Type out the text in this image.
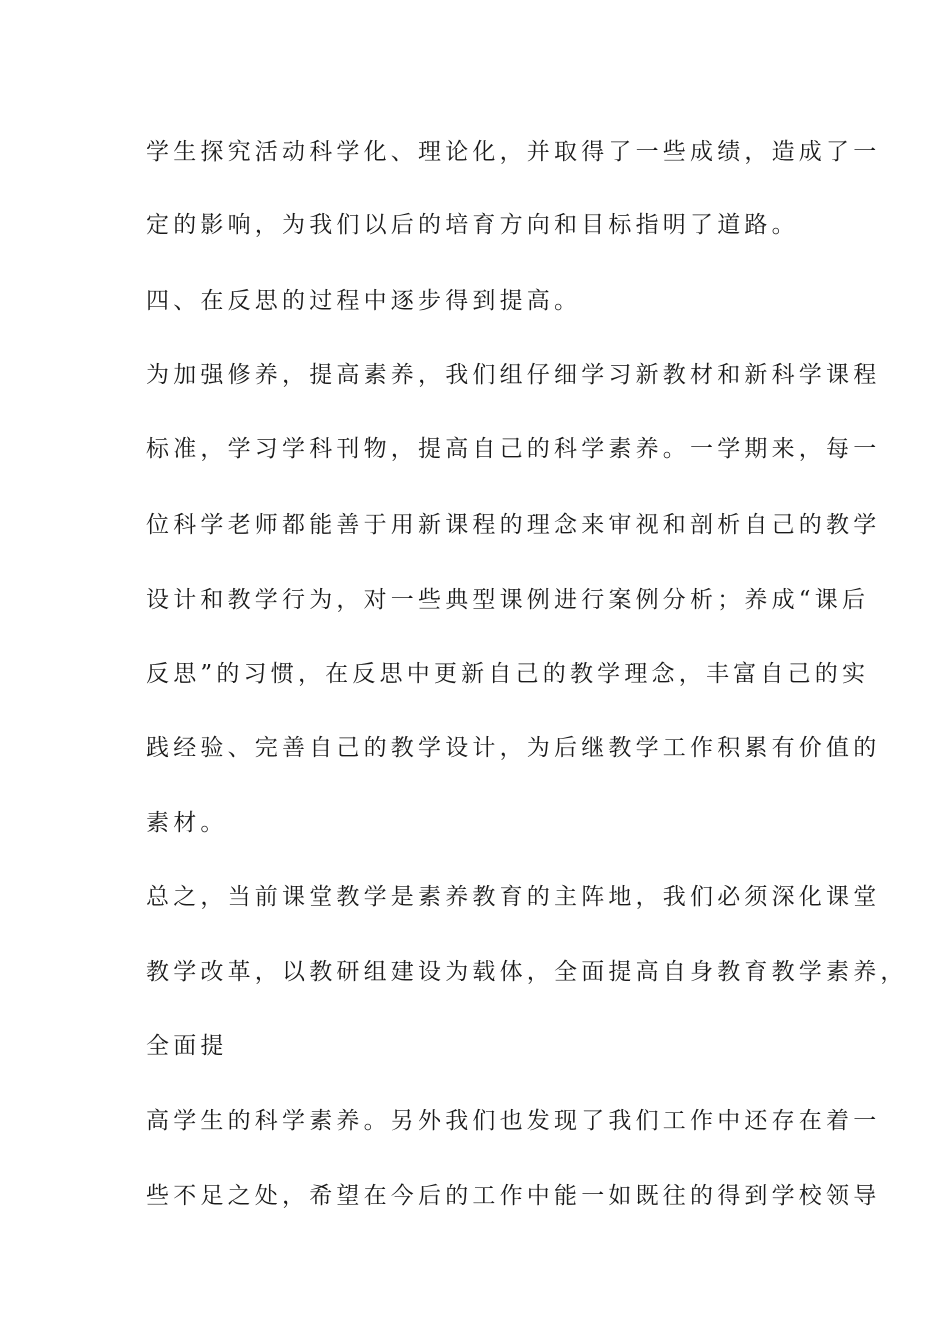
学生探究活动科学化、理论化，并取得了一些成绩，造成了一
定的影响，为我们以后的培育方向和目标指明了道路。
四、在反思的过程中逐步得到提高。
为加强修养，提高素养，我们组仔细学习新教材和新科学课程
标准，学习学科刊物，提高自己的科学素养。一学期来，每一
位科学老师都能善于用新课程的理念来审视和剖析自己的教学
设计和教学行为，对一些典型课例进行案例分析；养成“课后
反思”的习惯，在反思中更新自己的教学理念，丰富自己的实
践经验、完善自己的教学设计，为后继教学工作积累有价值的
素材。
总之，当前课堂教学是素养教育的主阵地，我们必须深化课堂
教学改革，以教研组建设为载体，全面提高自身教育教学素养，
全面提
高学生的科学素养。另外我们也发现了我们工作中还存在着一
些不足之处，希望在今后的工作中能一如既往的得到学校领导
